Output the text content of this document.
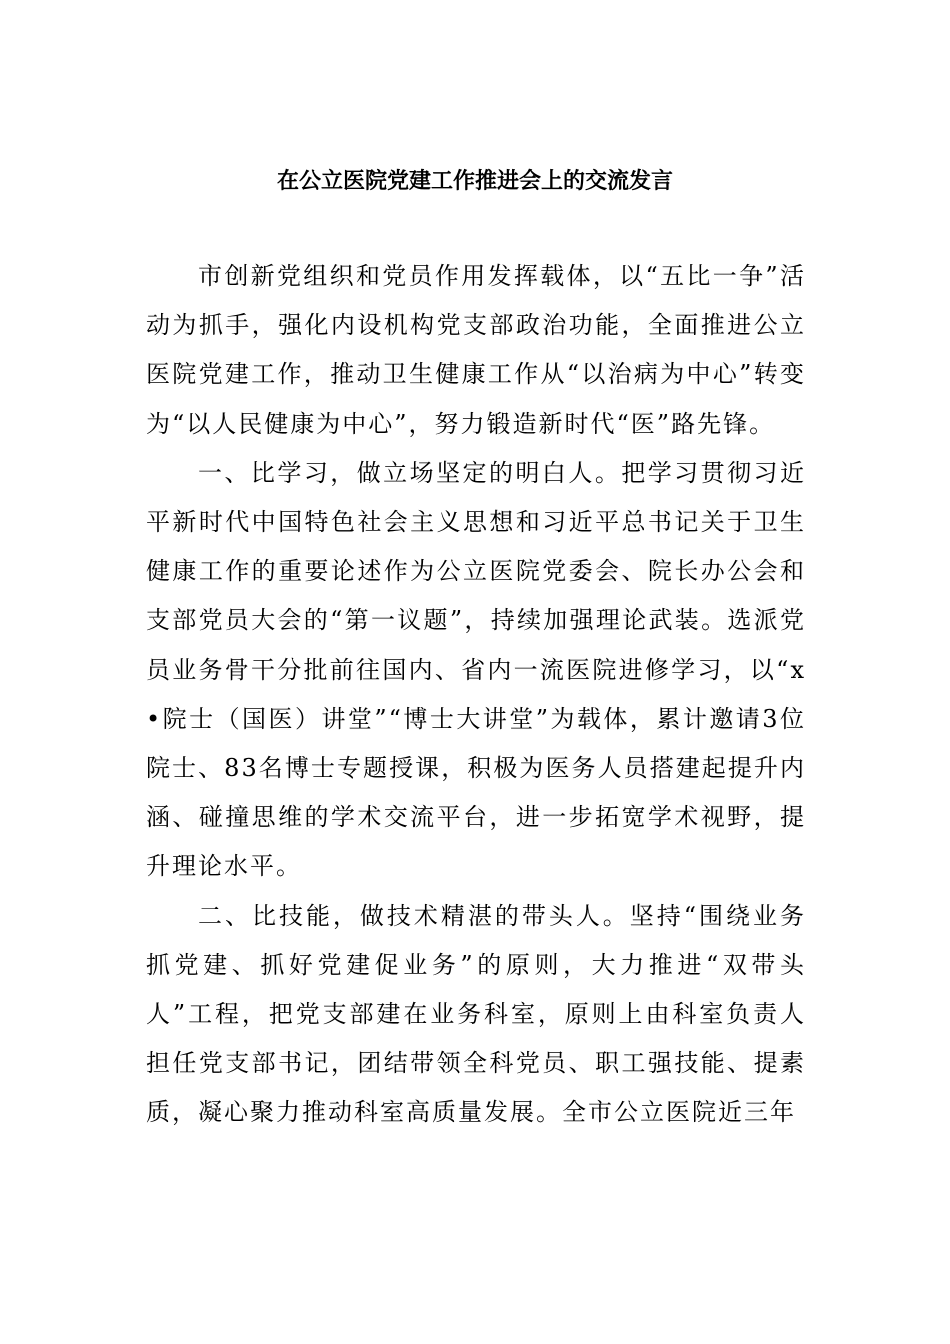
在公立医院党建工作推进会上的交流发言

市创新党组织和党员作用发挥载体，以“五比一争”活动为抓手，强化内设机构党支部政治功能，全面推进公立医院党建工作，推动卫生健康工作从“以治病为中心”转变为“以人民健康为中心”，努力锻造新时代“医”路先锋。

一、比学习，做立场坚定的明白人。把学习贯彻习近平新时代中国特色社会主义思想和习近平总书记关于卫生健康工作的重要论述作为公立医院党委会、院长办公会和支部党员大会的“第一议题”，持续加强理论武装。选派党员业务骨干分批前往国内、省内一流医院进修学习，以“x•院士（国医）讲堂”“博士大讲堂”为载体，累计邀请3位院士、83名博士专题授课，积极为医务人员搭建起提升内涵、碰撞思维的学术交流平台，进一步拓宽学术视野，提升理论水平。

二、比技能，做技术精湛的带头人。坚持“围绕业务抓党建、抓好党建促业务”的原则，大力推进“双带头人”工程，把党支部建在业务科室，原则上由科室负责人担任党支部书记，团结带领全科党员、职工强技能、提素质，凝心聚力推动科室高质量发展。全市公立医院近三年
